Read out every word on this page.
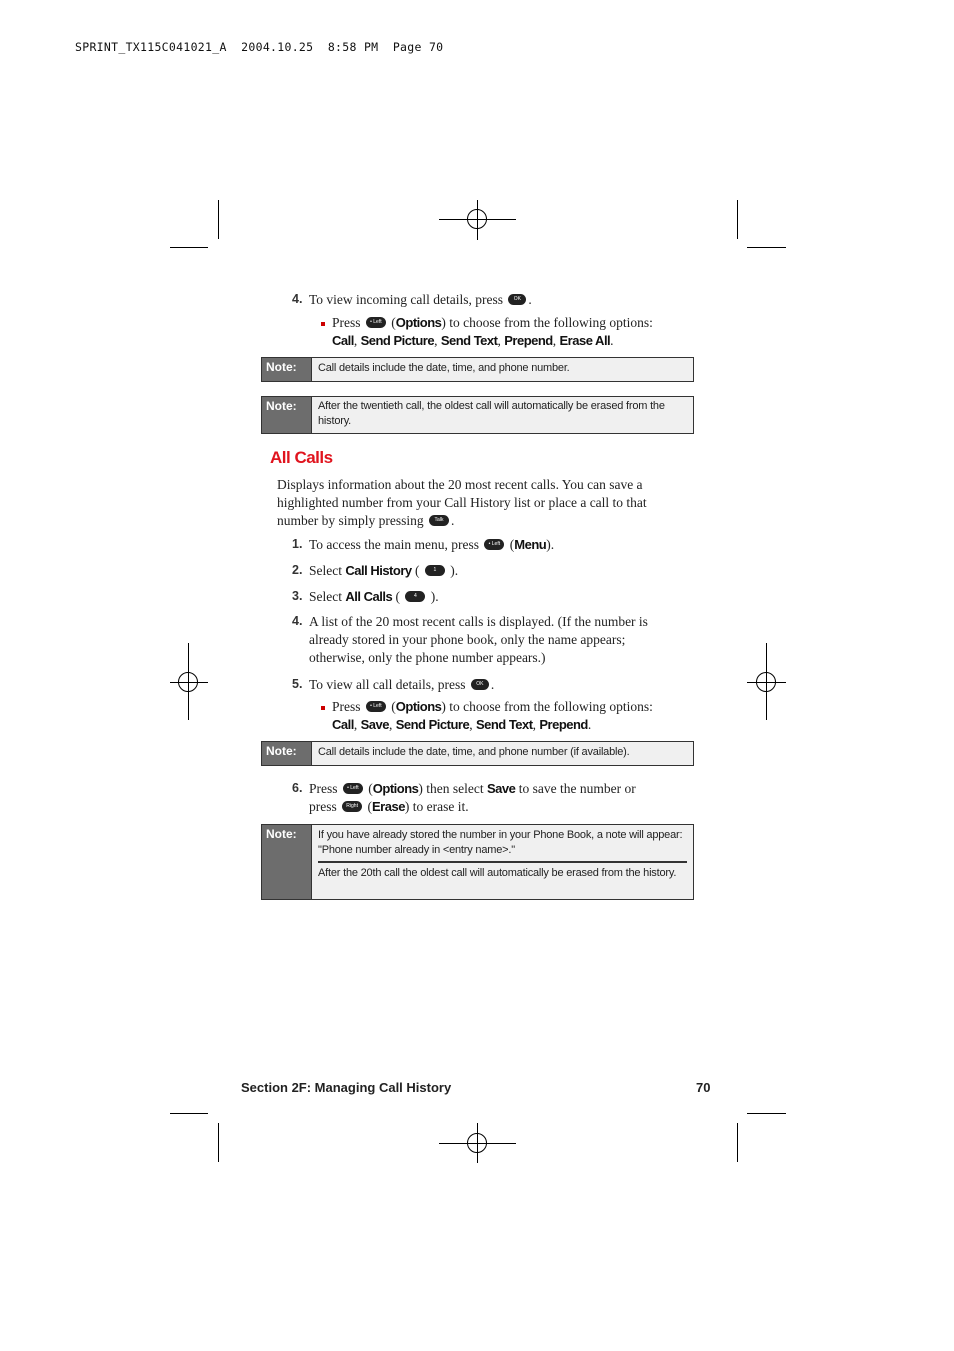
SPRINT_TX115C041021_A  2004.10.25  8:58 PM  Page 70
4. To view incoming call details, press	OK .
Press	• Left (Options) to choose from the following options:
Call, Send Picture, Send Text, Prepend, Erase All.
Note:	Call details include the date, time, and phone number.
Note:	After the twentieth call, the oldest call will automatically be erased from the history.
All Calls
Displays information about the 20 most recent calls. You can save a highlighted number from your Call History list or place a call to that number by simply pressing	Talk .
1. To access the main menu, press	• Left (Menu).
2. Select Call History (	1 ).
3. Select All Calls (	4 ).
4. A list of the 20 most recent calls is displayed. (If the number is already stored in your phone book, only the name appears; otherwise, only the phone number appears.)
5. To view all call details, press	OK .
Press	• Left (Options) to choose from the following options:
Call, Save, Send Picture, Send Text, Prepend.
Note:	Call details include the date, time, and phone number (if available).
6. Press	• Left (Options) then select Save to save the number or
press	Right (Erase) to erase it.
Note:	If you have already stored the number in your Phone Book, a note will appear: "Phone number already in <entry name>."
After the 20th call the oldest call will automatically be erased from the history.
Section 2F: Managing Call History	70
